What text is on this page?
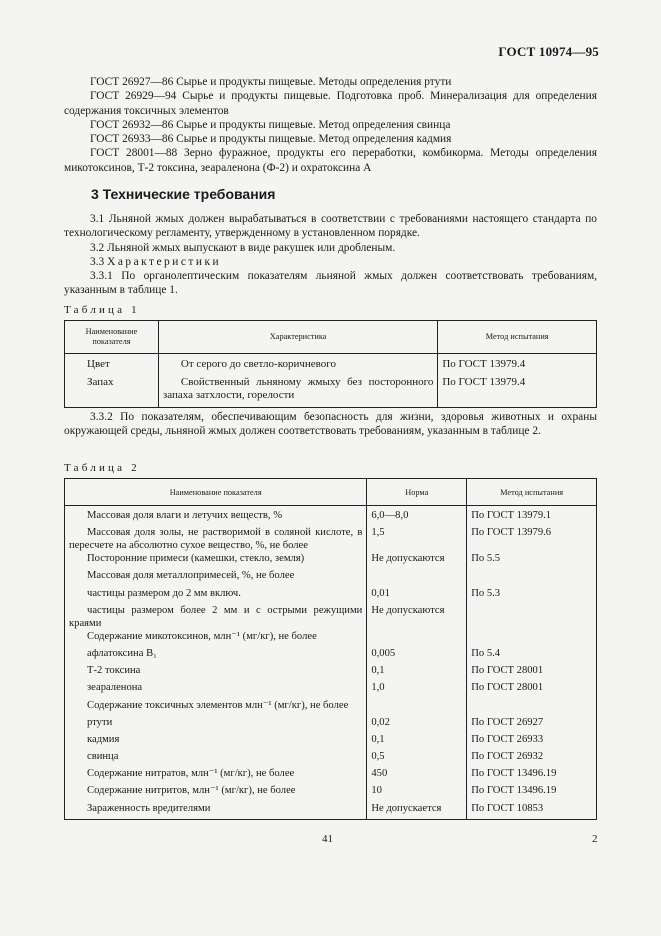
ГОСТ 10974—95

ГОСТ 26927—86 Сырье и продукты пищевые. Методы определения ртути

ГОСТ 26929—94 Сырье и продукты пищевые. Подготовка проб. Минерализация для определения содержания токсичных элементов

ГОСТ 26932—86 Сырье и продукты пищевые. Метод определения свинца

ГОСТ 26933—86 Сырье и продукты пищевые. Метод определения кадмия

ГОСТ 28001—88 Зерно фуражное, продукты его переработки, комбикорма. Методы определения микотоксинов, Т-2 токсина, зеараленона (Ф-2) и охратоксина А

3 Технические требования

3.1 Льняной жмых должен вырабатываться в соответствии с требованиями настоящего стандарта по технологическому регламенту, утвержденному в установленном порядке.

3.2 Льняной жмых выпускают в виде ракушек или дробленым.

3.3 Характеристики

3.3.1 По органолептическим показателям льняной жмых должен соответствовать требованиям, указанным в таблице 1.

Таблица 1
Наименование показателя	Характеристика	Метод испытания
Цвет	От серого до светло-коричневого	По ГОСТ 13979.4
Запах	Свойственный льняному жмыху без посторонного запаха затхлости, горелости	По ГОСТ 13979.4

3.3.2 По показателям, обеспечивающим безопасность для жизни, здоровья животных и охраны окружающей среды, льняной жмых должен соответствовать требованиям, указанным в таблице 2.

Таблица 2
Наименование показателя	Норма	Метод испытания
Массовая доля влаги и летучих веществ, %	6,0—8,0	По ГОСТ 13979.1
Массовая доля золы, не растворимой в соляной кислоте, в пересчете на абсолютно сухое вещество, %, не более	1,5	По ГОСТ 13979.6
Посторонние примеси (камешки, стекло, земля)	Не допускаются	По 5.5
Массовая доля металлопримесей, %, не более		
частицы размером до 2 мм включ.	0,01	По 5.3
частицы размером более 2 мм и с острыми режущими краями	Не допускаются	
Содержание микотоксинов, млн⁻¹ (мг/кг), не более		
афлатоксина B₁	0,005	По 5.4
Т-2 токсина	0,1	По ГОСТ 28001
зеараленона	1,0	По ГОСТ 28001
Содержание токсичных элементов млн⁻¹ (мг/кг), не более		
ртути	0,02	По ГОСТ 26927
кадмия	0,1	По ГОСТ 26933
свинца	0,5	По ГОСТ 26932
Содержание нитратов, млн⁻¹ (мг/кг), не более	450	По ГОСТ 13496.19
Содержание нитритов, млн⁻¹ (мг/кг), не более	10	По ГОСТ 13496.19
Зараженность вредителями	Не допускается	По ГОСТ 10853
41	2
